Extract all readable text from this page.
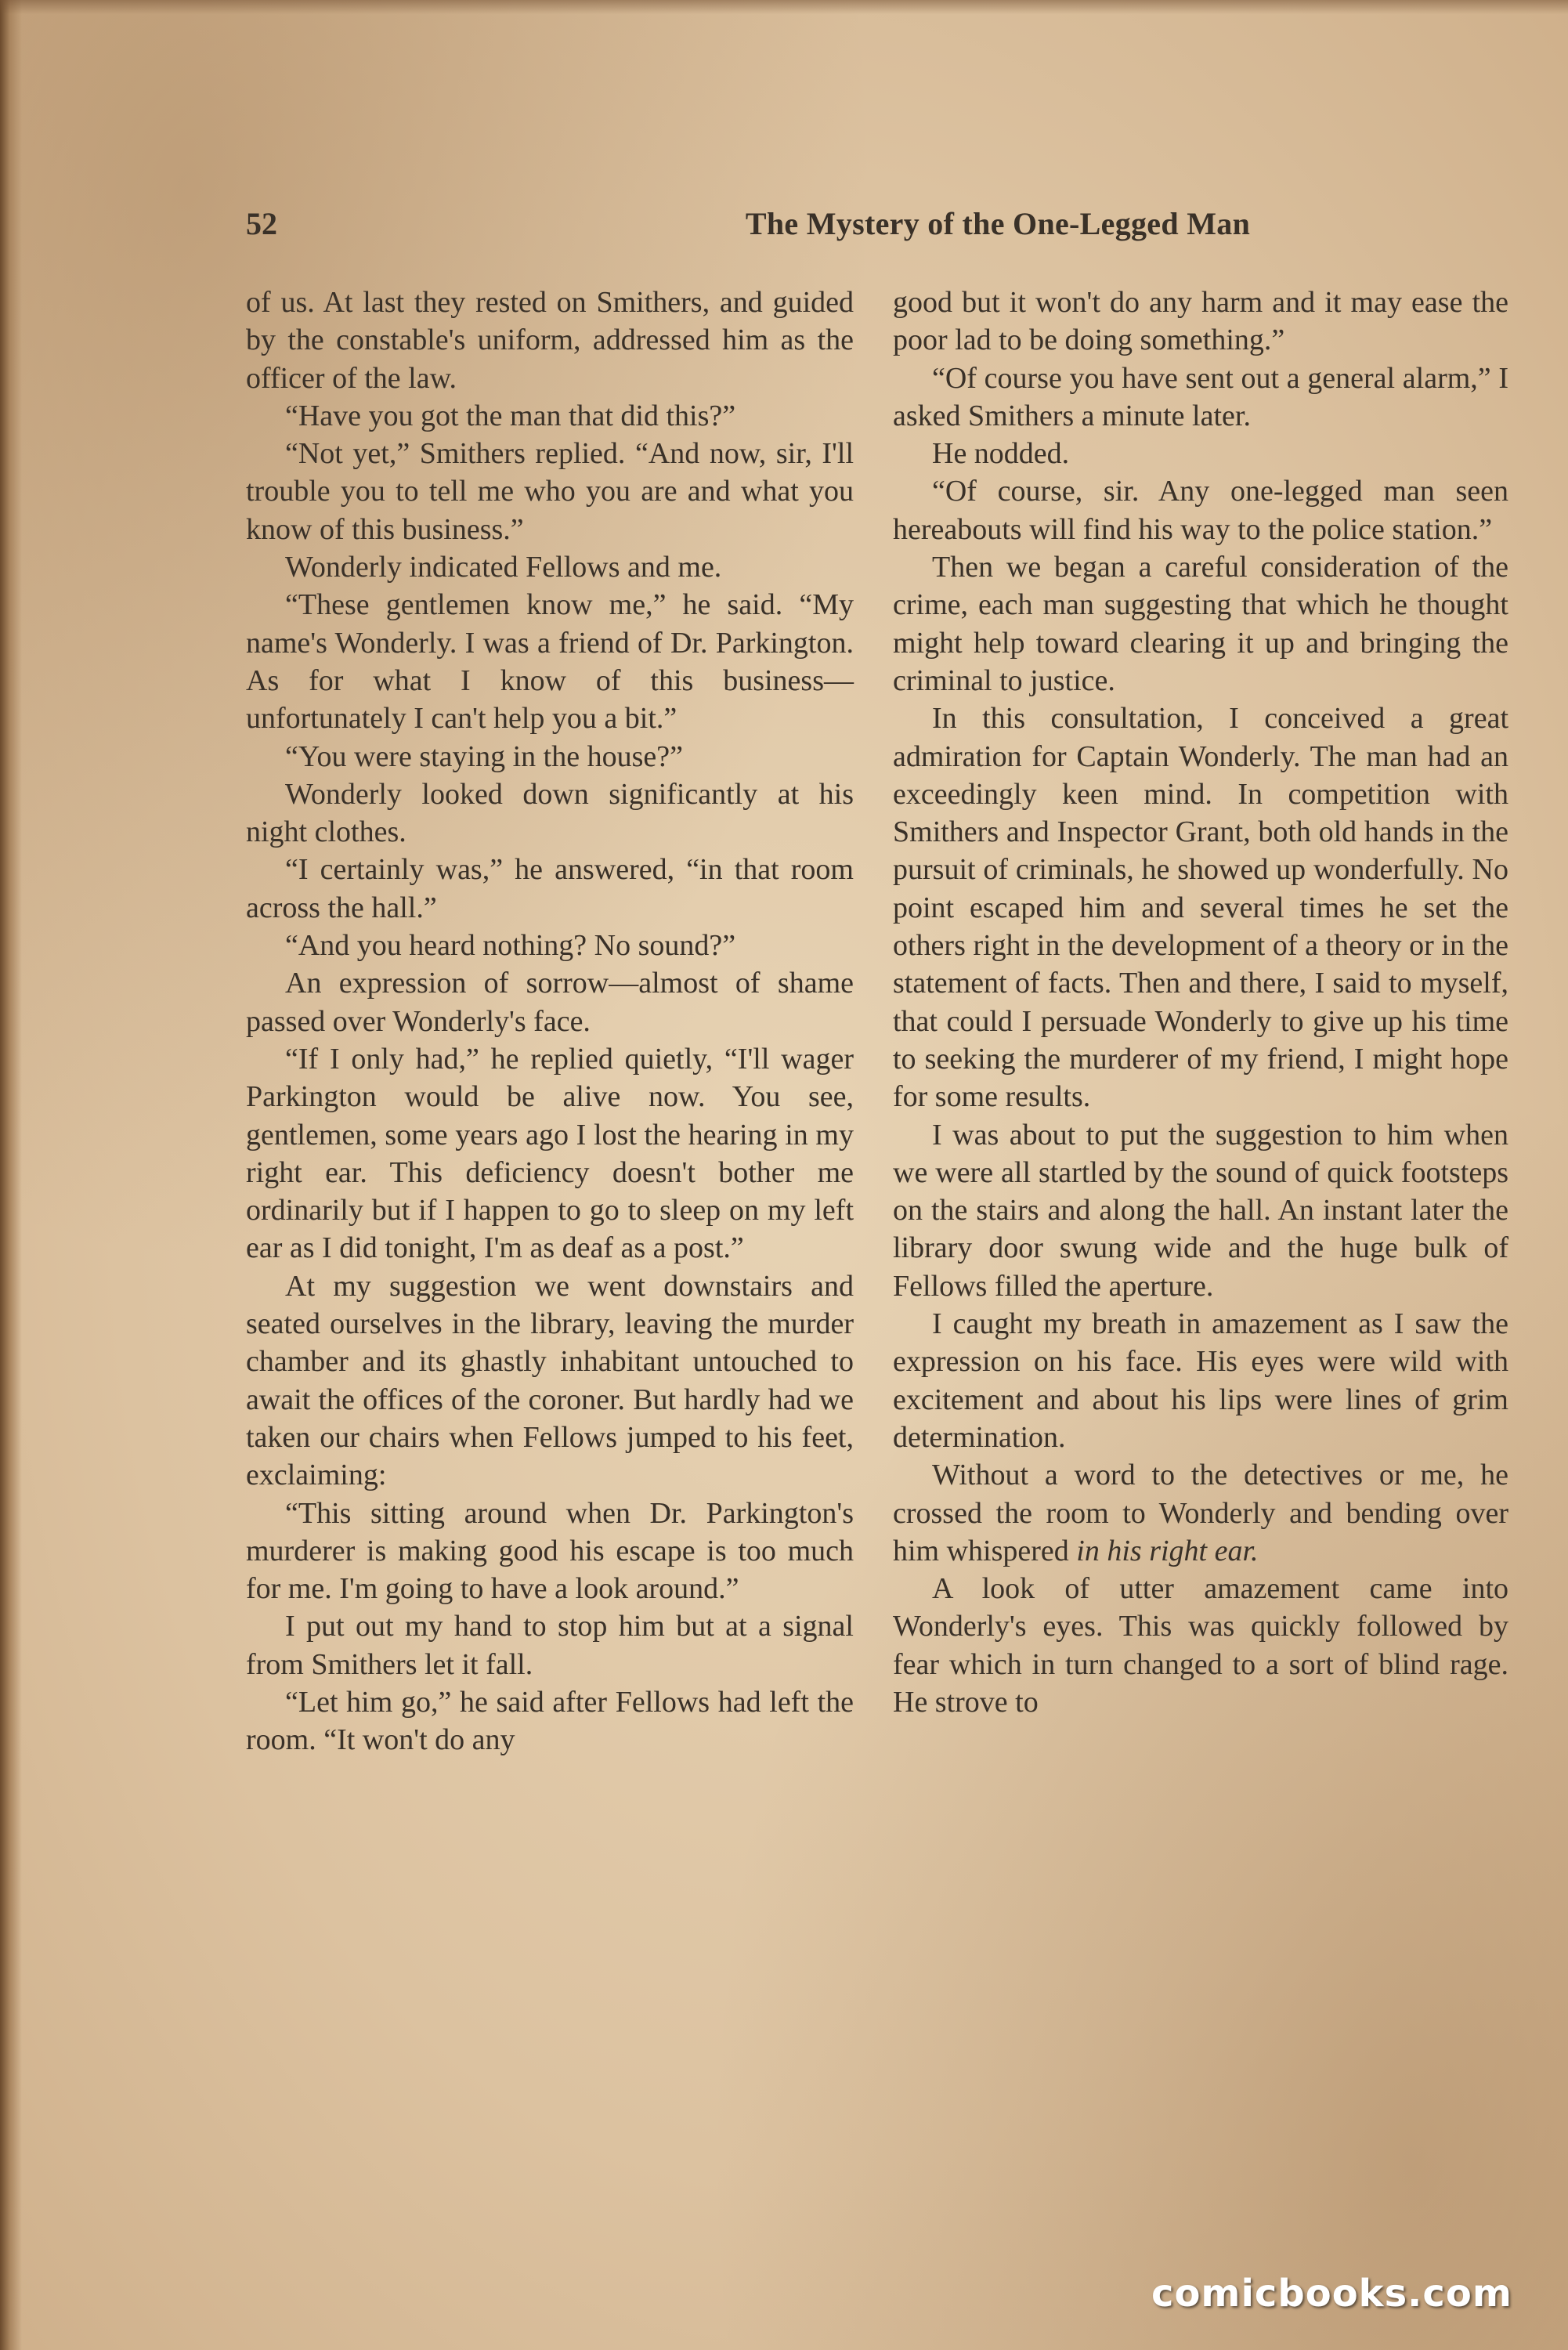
52	The Mystery of the One-Legged Man

of us. At last they rested on Smithers, and guided by the constable's uniform, addressed him as the officer of the law.

“Have you got the man that did this?”

“Not yet,” Smithers replied. “And now, sir, I'll trouble you to tell me who you are and what you know of this business.”

Wonderly indicated Fellows and me.

“These gentlemen know me,” he said. “My name's Wonderly. I was a friend of Dr. Parkington. As for what I know of this business—unfortunately I can't help you a bit.”

“You were staying in the house?”

Wonderly looked down significantly at his night clothes.

“I certainly was,” he answered, “in that room across the hall.”

“And you heard nothing? No sound?”

An expression of sorrow—almost of shame passed over Wonderly's face.

“If I only had,” he replied quietly, “I'll wager Parkington would be alive now. You see, gentlemen, some years ago I lost the hearing in my right ear. This deficiency doesn't bother me ordinarily but if I happen to go to sleep on my left ear as I did tonight, I'm as deaf as a post.”

At my suggestion we went downstairs and seated ourselves in the library, leaving the murder chamber and its ghastly inhabitant untouched to await the offices of the coroner. But hardly had we taken our chairs when Fellows jumped to his feet, exclaiming:

“This sitting around when Dr. Parkington's murderer is making good his escape is too much for me. I'm going to have a look around.”

I put out my hand to stop him but at a signal from Smithers let it fall.

“Let him go,” he said after Fellows had left the room. “It won't do any

good but it won't do any harm and it may ease the poor lad to be doing something.”

“Of course you have sent out a general alarm,” I asked Smithers a minute later.

He nodded.

“Of course, sir. Any one-legged man seen hereabouts will find his way to the police station.”

Then we began a careful consideration of the crime, each man suggesting that which he thought might help toward clearing it up and bringing the criminal to justice.

In this consultation, I conceived a great admiration for Captain Wonderly. The man had an exceedingly keen mind. In competition with Smithers and Inspector Grant, both old hands in the pursuit of criminals, he showed up wonderfully. No point escaped him and several times he set the others right in the development of a theory or in the statement of facts. Then and there, I said to myself, that could I persuade Wonderly to give up his time to seeking the murderer of my friend, I might hope for some results.

I was about to put the suggestion to him when we were all startled by the sound of quick footsteps on the stairs and along the hall. An instant later the library door swung wide and the huge bulk of Fellows filled the aperture.

I caught my breath in amazement as I saw the expression on his face. His eyes were wild with excitement and about his lips were lines of grim determination.

Without a word to the detectives or me, he crossed the room to Wonderly and bending over him whispered in his right ear.

A look of utter amazement came into Wonderly's eyes. This was quickly followed by fear which in turn changed to a sort of blind rage. He strove to

comicbooks.com
